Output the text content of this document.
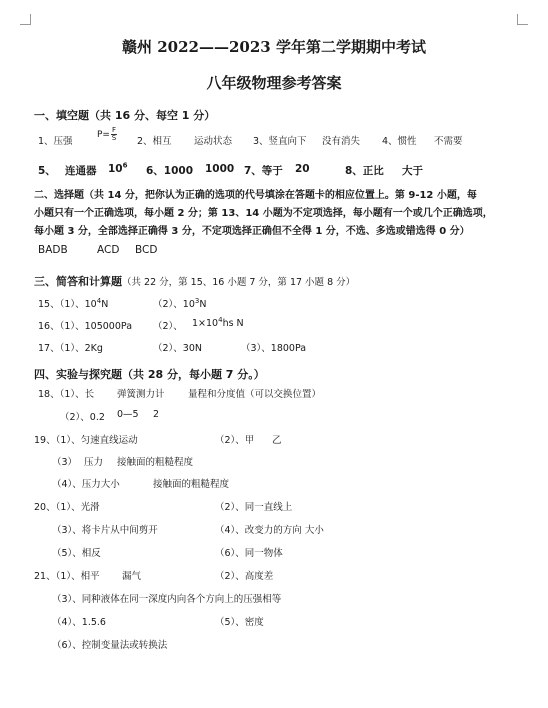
赣州 2022——2023 学年第二学期期中考试
八年级物理参考答案
一、填空题（共 16 分、每空 1 分）
1、压强
$P= \frac{F}{S} 2$、相互 运动状态 3、竖直向下 没有消失 4、惯性 不需要
5、 连通器 $10^6$ 6、1000 1000 7、等于 20	8、正比 大于
二、选择题（共 14 分，把你认为正确的选项的代号填涂在答题卡的相应位置上。第 9-12 小题，每
小题只有一个正确选项，每小题 2 分；第 13、14 小题为不定项选择，每小题有一个或几个正确选项，
每小题 3 分，全部选择正确得 3 分，不定项选择正确但不全得 1 分，不选、多选或错选得 0 分）
BADB	ACD BCD
三、简答和计算题（共 22 分，第 15、16 小题 7 分，第 17 小题 8 分）
15、（1）、$10^4N$	（2）、$10^3N$
16、（1）、105000Pa （2）、 $1\times 10^4hs$ N
17、（1）、2Kg	（2）、30N	（3）、1800Pa
四、实验与探究题（共 28 分，每小题 7 分。）
18、（1）、长 弹簧测力计 量程和分度值（可以交换位置）
（2）、0.2 0—5 2
19、（1）、匀速直线运动	（2）、甲 乙
（3） 压力 接触面的粗糙程度
（4）、压力大小	接触面的粗糙程度
20、（1）、光滑	（2）、同一直线上
（3）、将卡片从中间剪开	（4）、改变力的方向 大小
（5）、相反	（6）、同一物体
21、（1）、相平 漏气	（2）、高度差
（3）、同种液体在同一深度内向各个方向上的压强相等
（4）、1.5.6	（5）、密度
（6）、控制变量法或转换法
